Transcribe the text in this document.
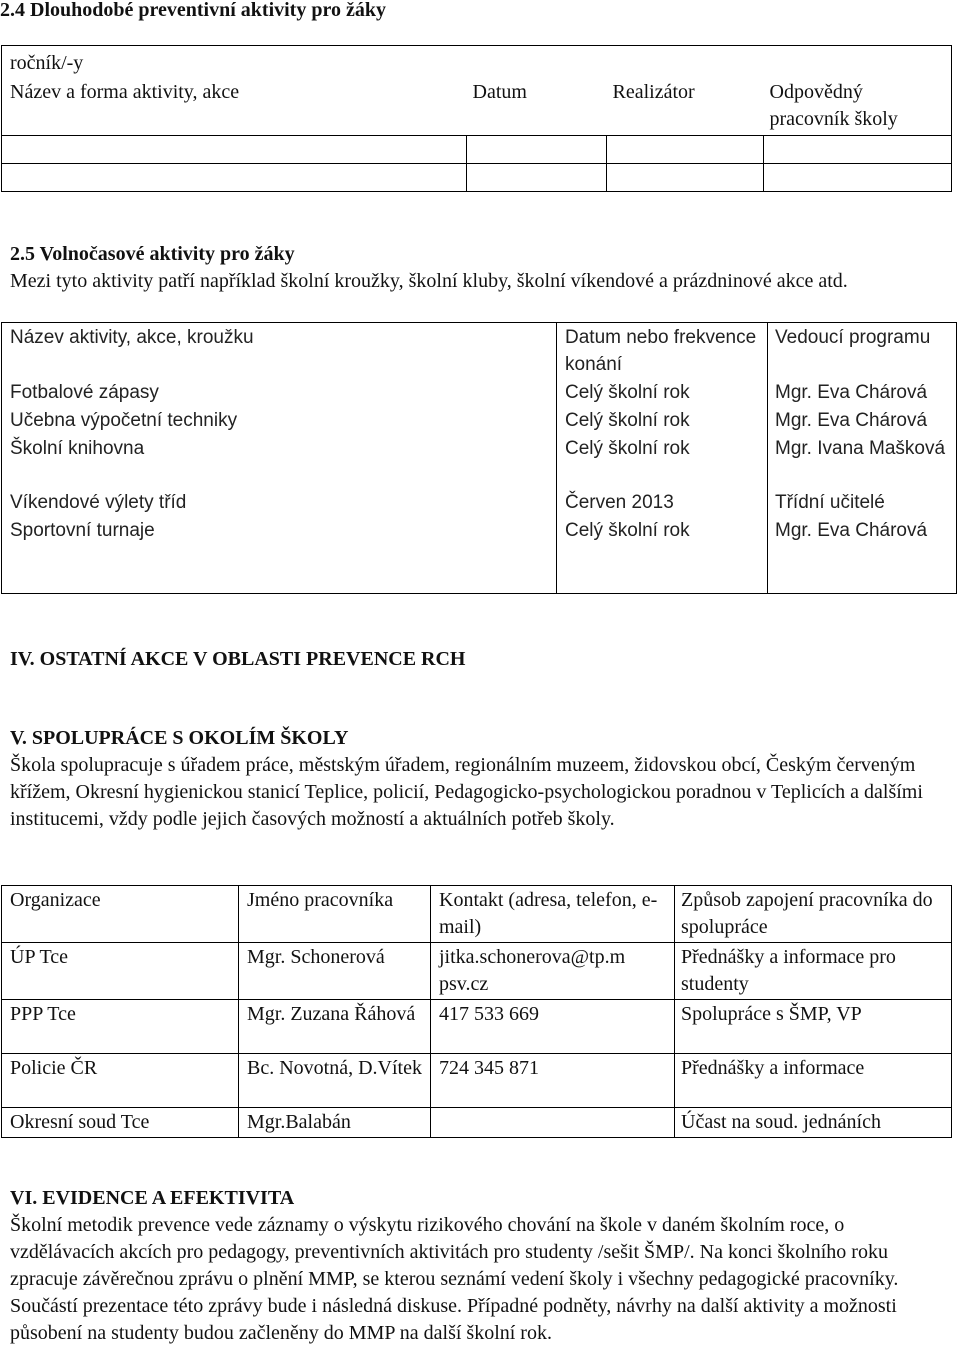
2.4 Dlouhodobé preventivní aktivity pro žáky
ročník/-y			
Název a forma aktivity, akce	Datum	Realizátor	Odpovědný pracovník školy

2.5 Volnočasové aktivity pro žáky
Mezi tyto aktivity patří například školní kroužky, školní kluby, školní víkendové a prázdninové akce atd.
Název aktivity, akce, kroužku	Datum nebo frekvence konání	Vedoucí programu
Fotbalové zápasy	Celý školní rok	Mgr. Eva Chárová
Učebna výpočetní techniky	Celý školní rok	Mgr. Eva Chárová
Školní knihovna	Celý školní rok	Mgr. Ivana Mašková
Víkendové výlety tříd	Červen 2013	Třídní učitelé
Sportovní turnaje	Celý školní rok	Mgr. Eva Chárová
IV. OSTATNÍ AKCE V OBLASTI PREVENCE RCH
V. SPOLUPRÁCE S OKOLÍM ŠKOLY
Škola spolupracuje s úřadem práce, městským úřadem, regionálním muzeem, židovskou obcí, Českým červeným křížem, Okresní hygienickou stanicí Teplice, policií, Pedagogicko-psychologickou poradnou v Teplicích a dalšími institucemi, vždy podle jejich časových možností a aktuálních potřeb školy.
Organizace	Jméno pracovníka	Kontakt (adresa, telefon, e-mail)	Způsob zapojení pracovníka do spolupráce
ÚP Tce	Mgr. Schonerová	jitka.schonerova@tp.m psv.cz	Přednášky a informace pro studenty
PPP Tce	Mgr. Zuzana Řáhová	417 533 669	Spolupráce s ŠMP, VP
Policie ČR	Bc. Novotná, D.Vítek	724 345 871	Přednášky a informace
Okresní soud Tce	Mgr.Balabán		Účast na soud. jednáních
VI. EVIDENCE A EFEKTIVITA
Školní metodik prevence vede záznamy o výskytu rizikového chování na škole v daném školním roce, o vzdělávacích akcích pro pedagogy, preventivních aktivitách pro studenty /sešit ŠMP/. Na konci školního roku zpracuje závěrečnou zprávu o plnění MMP, se kterou seznámí vedení školy i všechny pedagogické pracovníky. Součástí prezentace této zprávy bude i následná diskuse. Případné podněty, návrhy na další aktivity a možnosti působení na studenty budou začleněny do MMP na další školní rok.
